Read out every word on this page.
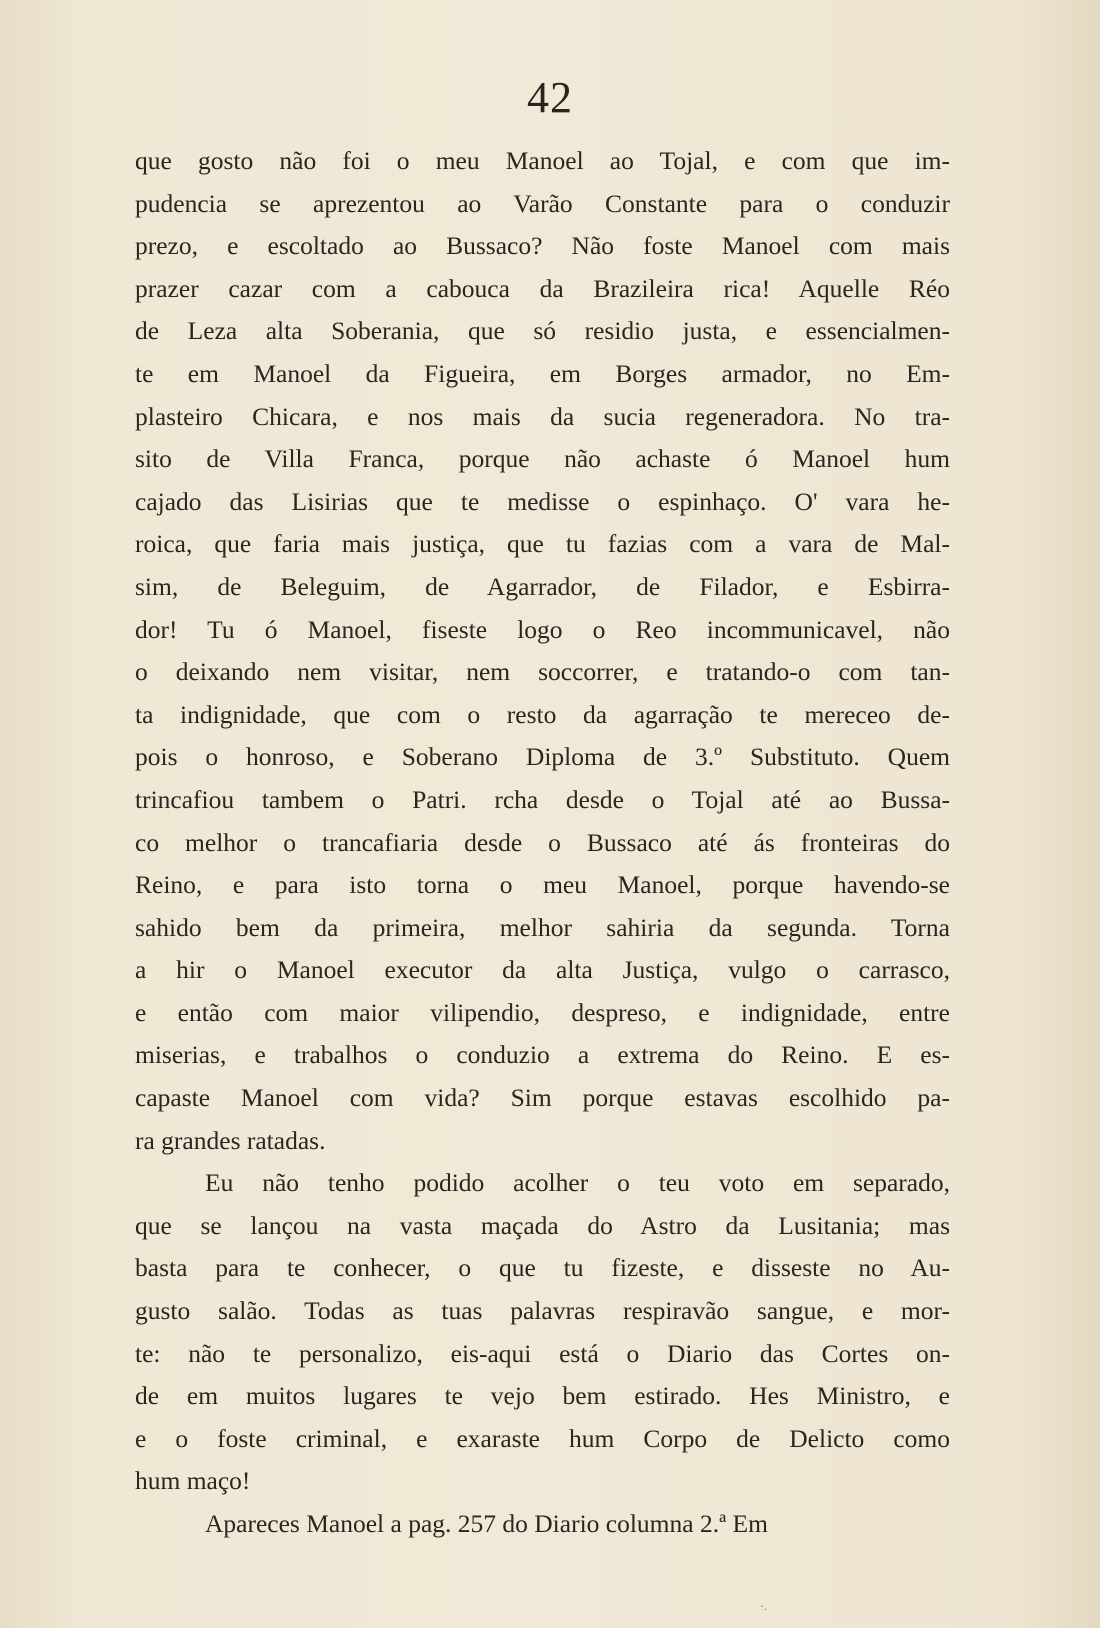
42
que gosto não foi o meu Manoel ao Tojal, e com que im-
pudencia se aprezentou ao Varão Constante para o conduzir
prezo, e escoltado ao Bussaco? Não foste Manoel com mais
prazer cazar com a cabouca da Brazileira rica! Aquelle Réo
de Leza alta Soberania, que só residio justa, e essencialmen-
te em Manoel da Figueira, em Borges armador, no Em-
plasteiro Chicara, e nos mais da sucia regeneradora. No tra-
sito de Villa Franca, porque não achaste ó Manoel hum
cajado das Lisirias que te medisse o espinhaço. O' vara he-
roica, que faria mais justiça, que tu fazias com a vara de Mal-
sim, de Beleguim, de Agarrador, de Filador, e Esbirra-
dor! Tu ó Manoel, fiseste logo o Reo incommunicavel, não
o deixando nem visitar, nem soccorrer, e tratando-o com tan-
ta indignidade, que com o resto da agarração te mereceo de-
pois o honroso, e Soberano Diploma de 3.º Substituto. Quem
trincafiou tambem o Patri. rcha desde o Tojal até ao Bussa-
co melhor o trancafiaria desde o Bussaco até ás fronteiras do
Reino, e para isto torna o meu Manoel, porque havendo-se
sahido bem da primeira, melhor sahiria da segunda. Torna
a hir o Manoel executor da alta Justiça, vulgo o carrasco,
e então com maior vilipendio, despreso, e indignidade, entre
miserias, e trabalhos o conduzio a extrema do Reino. E es-
capaste Manoel com vida? Sim porque estavas escolhido pa-
ra grandes ratadas.
Eu não tenho podido acolher o teu voto em separado,
que se lançou na vasta maçada do Astro da Lusitania; mas
basta para te conhecer, o que tu fizeste, e disseste no Au-
gusto salão. Todas as tuas palavras respiravão sangue, e mor-
te: não te personalizo, eis-aqui está o Diario das Cortes on-
de em muitos lugares te vejo bem estirado. Hes Ministro, e
e o foste criminal, e exaraste hum Corpo de Delicto como
hum maço!
Apareces Manoel a pag. 257 do Diario columna 2.ª Em
·.
